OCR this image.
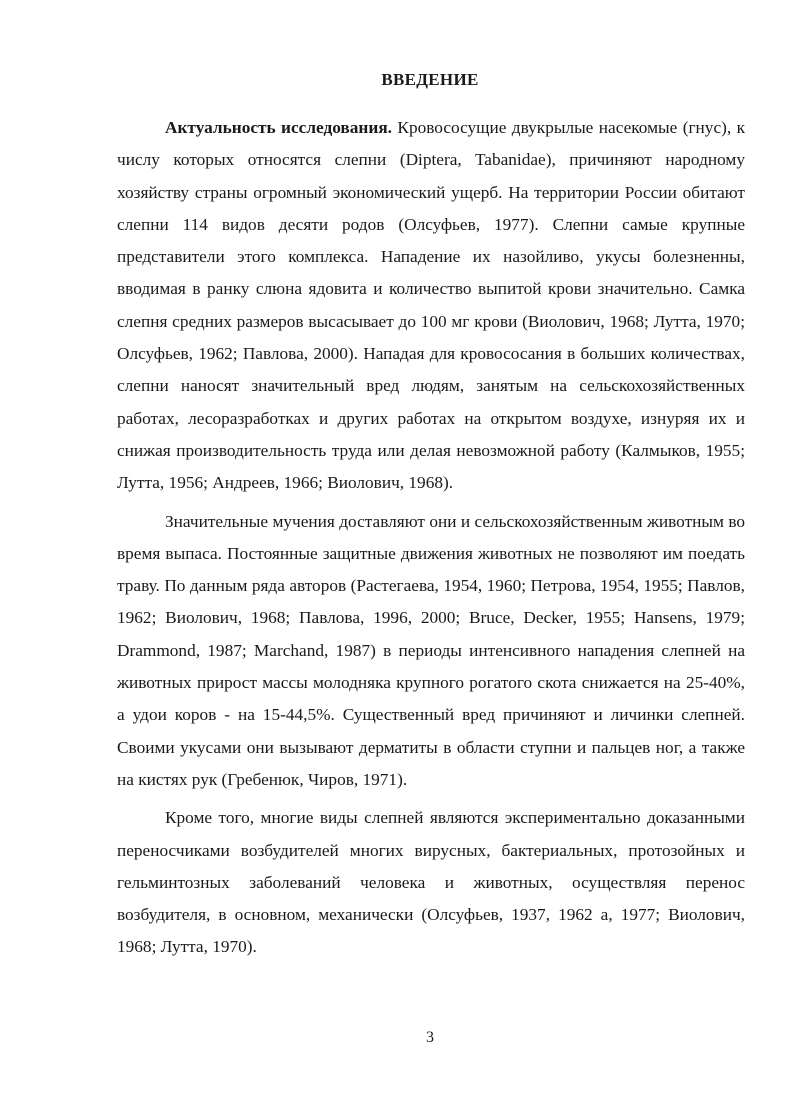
ВВЕДЕНИЕ

Актуальность исследования. Кровососущие двукрылые насекомые (гнус), к числу которых относятся слепни (Diptera, Tabanidae), причиняют народному хозяйству страны огромный экономический ущерб. На территории России обитают слепни 114 видов десяти родов (Олсуфьев, 1977). Слепни самые крупные представители этого комплекса. Нападение их назойливо, укусы болезненны, вводимая в ранку слюна ядовита и количество выпитой крови значительно. Самка слепня средних размеров высасывает до 100 мг крови (Виолович, 1968; Лутта, 1970; Олсуфьев, 1962; Павлова, 2000). Нападая для кровососания в больших количествах, слепни наносят значительный вред людям, занятым на сельскохозяйственных работах, лесоразработках и других работах на открытом воздухе, изнуряя их и снижая производительность труда или делая невозможной работу (Калмыков, 1955; Лутта, 1956; Андреев, 1966; Виолович, 1968).

Значительные мучения доставляют они и сельскохозяйственным животным во время выпаса. Постоянные защитные движения животных не позволяют им поедать траву. По данным ряда авторов (Растегаева, 1954, 1960; Петрова, 1954, 1955; Павлов, 1962; Виолович, 1968; Павлова, 1996, 2000; Bruce, Decker, 1955; Hansens, 1979; Drammond, 1987; Marchand, 1987) в периоды интенсивного нападения слепней на животных прирост массы молодняка крупного рогатого скота снижается на 25-40%, а удои коров - на 15-44,5%. Существенный вред причиняют и личинки слепней. Своими укусами они вызывают дерматиты в области ступни и пальцев ног, а также на кистях рук (Гребенюк, Чиров, 1971).

Кроме того, многие виды слепней являются экспериментально доказанными переносчиками возбудителей многих вирусных, бактериальных, протозойных и гельминтозных заболеваний человека и животных, осуществляя перенос возбудителя, в основном, механически (Олсуфьев, 1937, 1962 а, 1977; Виолович, 1968; Лутта, 1970).

3
